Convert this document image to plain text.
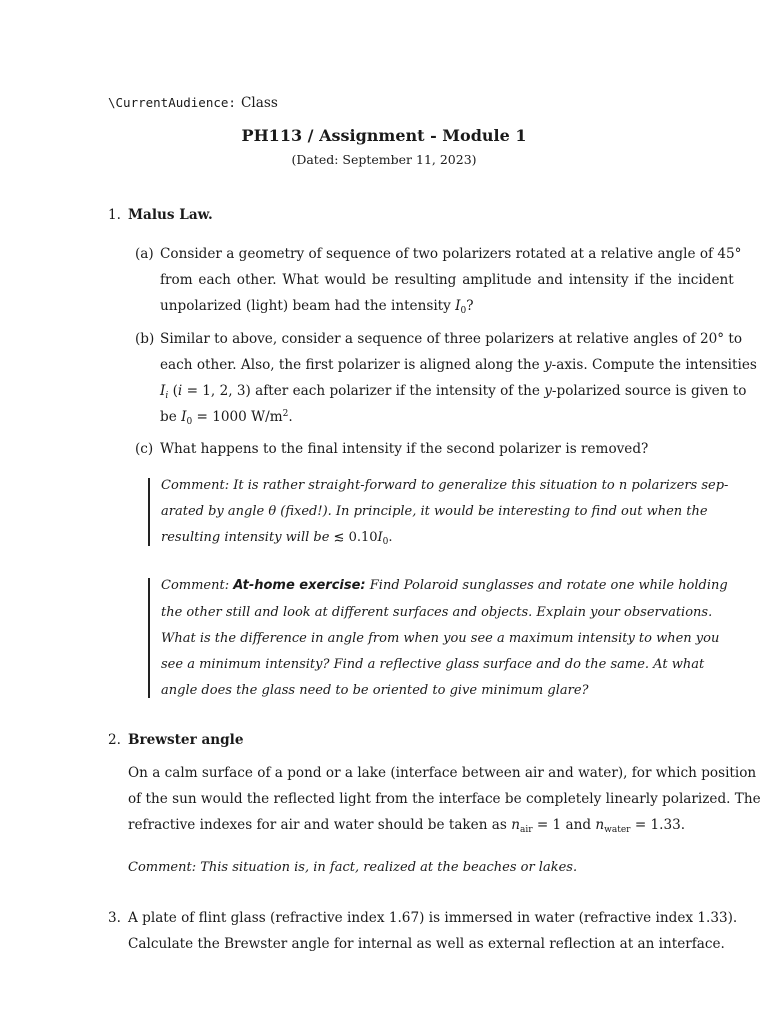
\CurrentAudience: Class
PH113 / Assignment - Module 1
(Dated: September 11, 2023)
1. Malus Law.
(a) Consider a geometry of sequence of two polarizers rotated at a relative angle of 45°
from each other. What would be resulting amplitude and intensity if the incident
unpolarized (light) beam had the intensity $I_0$?
(b) Similar to above, consider a sequence of three polarizers at relative angles of 20° to
each other. Also, the first polarizer is aligned along the y-axis. Compute the intensities
$I_i$ (i = 1, 2, 3) after each polarizer if the intensity of the y-polarized source is given to
be $I_0 = 1000$ $W/m^2$.
(c) What happens to the final intensity if the second polarizer is removed?
Comment: It is rather straight-forward to generalize this situation to n polarizers sep-
arated by angle θ (fixed!). In principle, it would be interesting to find out when the
resulting intensity will be ≲ $0.10I_0$.
Comment: At-home exercise: Find Polaroid sunglasses and rotate one while holding
the other still and look at different surfaces and objects. Explain your observations.
What is the difference in angle from when you see a maximum intensity to when you
see a minimum intensity? Find a reflective glass surface and do the same. At what
angle does the glass need to be oriented to give minimum glare?
2. Brewster angle
On a calm surface of a pond or a lake (interface between air and water), for which position
of the sun would the reflected light from the interface be completely linearly polarized. The
refractive indexes for air and water should be taken as $n_{air} = 1$ and $n_{water} = 1.33$.
Comment: This situation is, in fact, realized at the beaches or lakes.
3. A plate of flint glass (refractive index 1.67) is immersed in water (refractive index 1.33).
Calculate the Brewster angle for internal as well as external reflection at an interface.
